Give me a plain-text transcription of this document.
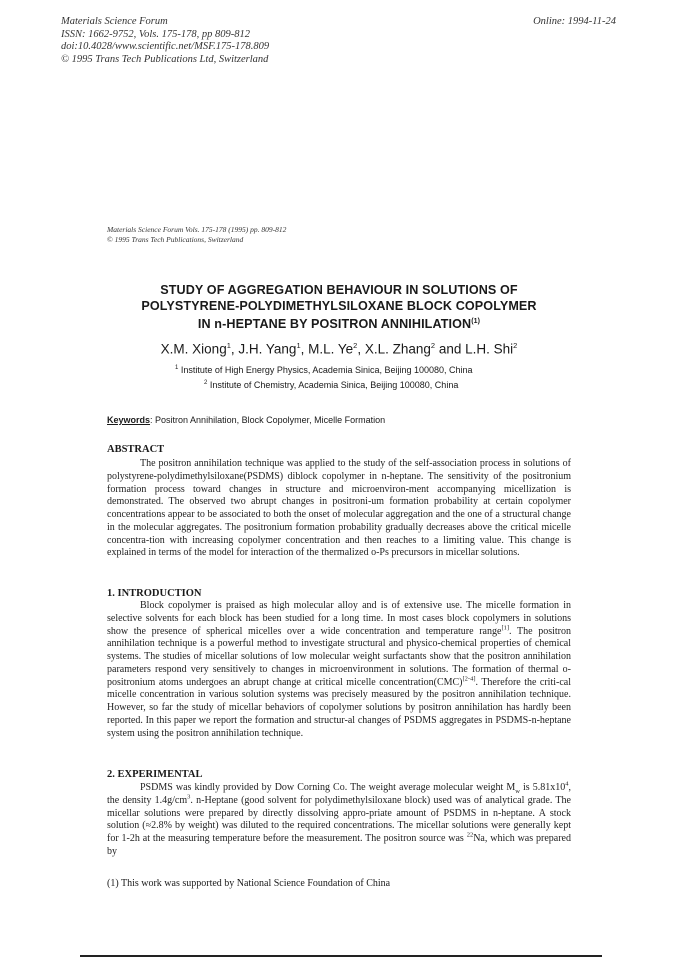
Materials Science Forum
ISSN: 1662-9752, Vols. 175-178, pp 809-812
doi:10.4028/www.scientific.net/MSF.175-178.809
© 1995 Trans Tech Publications Ltd, Switzerland
Online: 1994-11-24
Materials Science Forum Vols. 175-178 (1995) pp. 809-812
© 1995 Trans Tech Publications, Switzerland
STUDY OF AGGREGATION BEHAVIOUR IN SOLUTIONS OF
POLYSTYRENE-POLYDIMETHYLSILOXANE BLOCK COPOLYMER
IN n-HEPTANE BY POSITRON ANNIHILATION$^{(1)}$
X.M. Xiong$^1$, J.H. Yang$^1$, M.L. Ye$^2$, X.L. Zhang$^2$ and L.H. Shi$^2$
$^1$ Institute of High Energy Physics, Academia Sinica, Beijing 100080, China
$^2$ Institute of Chemistry, Academia Sinica, Beijing 100080, China
Keywords: Positron Annihilation, Block Copolymer, Micelle Formation
ABSTRACT
The positron annihilation technique was applied to the study of the self-association process in solutions of polystyrene-polydimethylsiloxane(PSDMS) diblock copolymer in n-heptane. The sensitivity of the positronium formation process toward changes in structure and microenviron-ment accompanying micellization is demonstrated. The observed two abrupt changes in positroni-um formation probability at certain copolymer concentrations appear to be associated to both the onset of molecular aggregation and the one of a structural change in the molecular aggregates. The positronium formation probability gradually decreases above the critical micelle concentra-tion with increasing copolymer concentration and then reaches to a limiting value. This change is explained in terms of the model for interaction of the thermalized o-Ps precursors in micellar solutions.
1. INTRODUCTION
Block copolymer is praised as high molecular alloy and is of extensive use. The micelle formation in selective solvents for each block has been studied for a long time. In most cases block copolymers in solutions show the presence of spherical micelles over a wide concentration and temperature range[1]. The positron annihilation technique is a powerful method to investigate structural and physico-chemical properties of chemical systems. The studies of micellar solutions of low molecular weight surfactants show that the positron annihilation parameters respond very sensitively to changes in microenvironment in solutions. The formation of thermal o-positronium atoms undergoes an abrupt change at critical micelle concentration(CMC)[2-4]. Therefore the criti-cal micelle concentration in various solution systems was precisely measured by the positron annihilation technique. However, so far the study of micellar behaviors of copolymer solutions by positron annihilation has hardly been reported. In this paper we report the formation and structur-al changes of PSDMS aggregates in PSDMS-n-heptane system using the positron annihilation technique.
2. EXPERIMENTAL
PSDMS was kindly provided by Dow Corning Co. The weight average molecular weight $M_w$ is $5.81x10^4$, the density $1.4g/cm^3$. n-Heptane (good solvent for polydimethylsiloxane block) used was of analytical grade. The micellar solutions were prepared by directly dissolving appro-priate amount of PSDMS in n-heptane. A stock solution (≈2.8% by weight) was diluted to the required concentrations. The micellar solutions were generally kept for 1-2h at the measuring temperature before the measurement. The positron source was $^{22}$Na, which was prepared by
(1) This work was supported by National Science Foundation of China
